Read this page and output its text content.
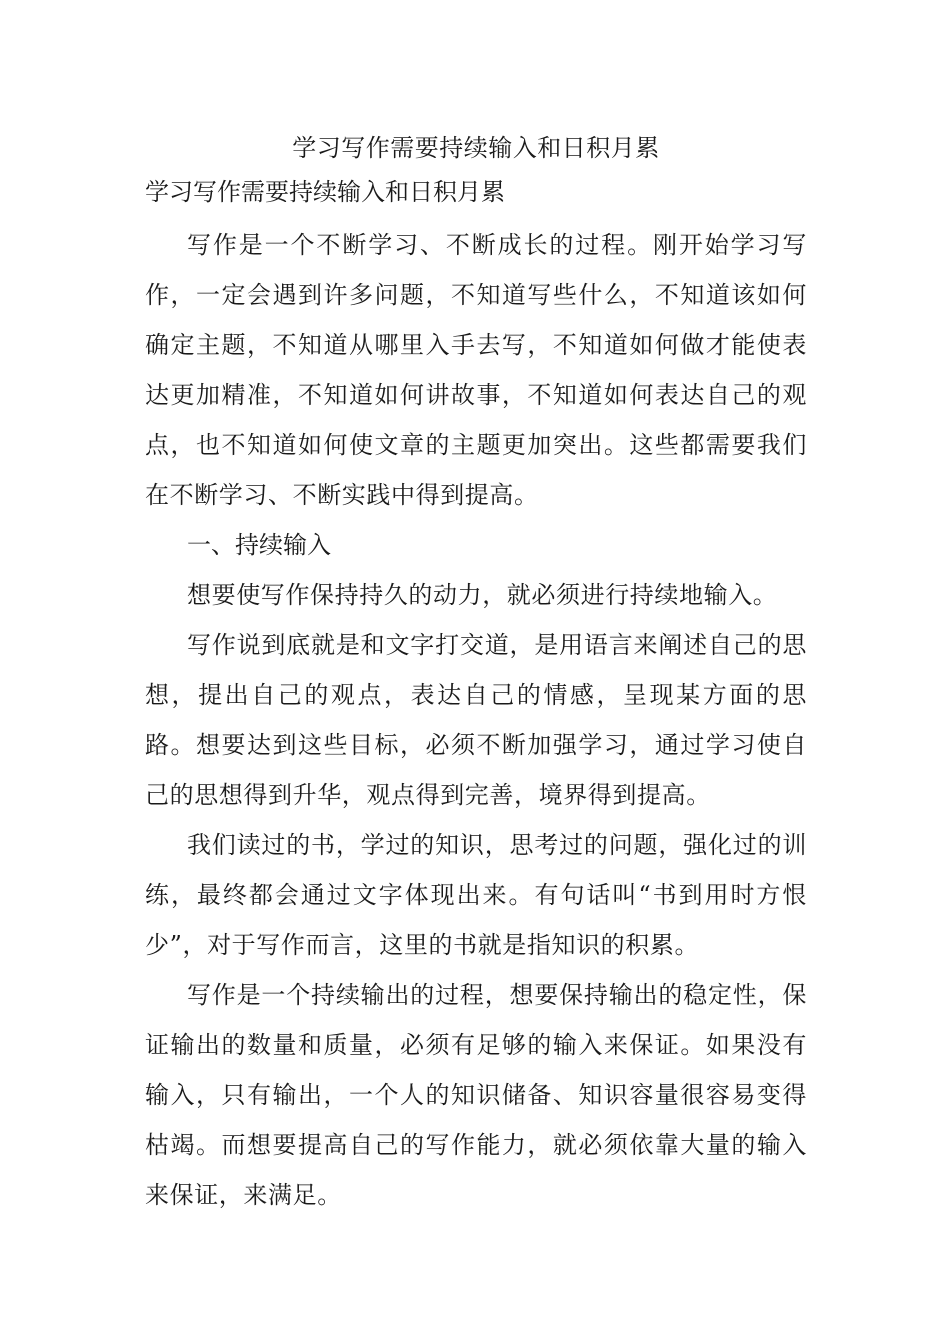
学习写作需要持续输入和日积月累
学习写作需要持续输入和日积月累

写作是一个不断学习、不断成长的过程。刚开始学习写作，一定会遇到许多问题，不知道写些什么，不知道该如何确定主题，不知道从哪里入手去写，不知道如何做才能使表达更加精准，不知道如何讲故事，不知道如何表达自己的观点，也不知道如何使文章的主题更加突出。这些都需要我们在不断学习、不断实践中得到提高。

一、持续输入

想要使写作保持持久的动力，就必须进行持续地输入。

写作说到底就是和文字打交道，是用语言来阐述自己的思想，提出自己的观点，表达自己的情感，呈现某方面的思路。想要达到这些目标，必须不断加强学习，通过学习使自己的思想得到升华，观点得到完善，境界得到提高。

我们读过的书，学过的知识，思考过的问题，强化过的训练，最终都会通过文字体现出来。有句话叫“书到用时方恨少”，对于写作而言，这里的书就是指知识的积累。

写作是一个持续输出的过程，想要保持输出的稳定性，保证输出的数量和质量，必须有足够的输入来保证。如果没有输入，只有输出，一个人的知识储备、知识容量很容易变得枯竭。而想要提高自己的写作能力，就必须依靠大量的输入来保证，来满足。
